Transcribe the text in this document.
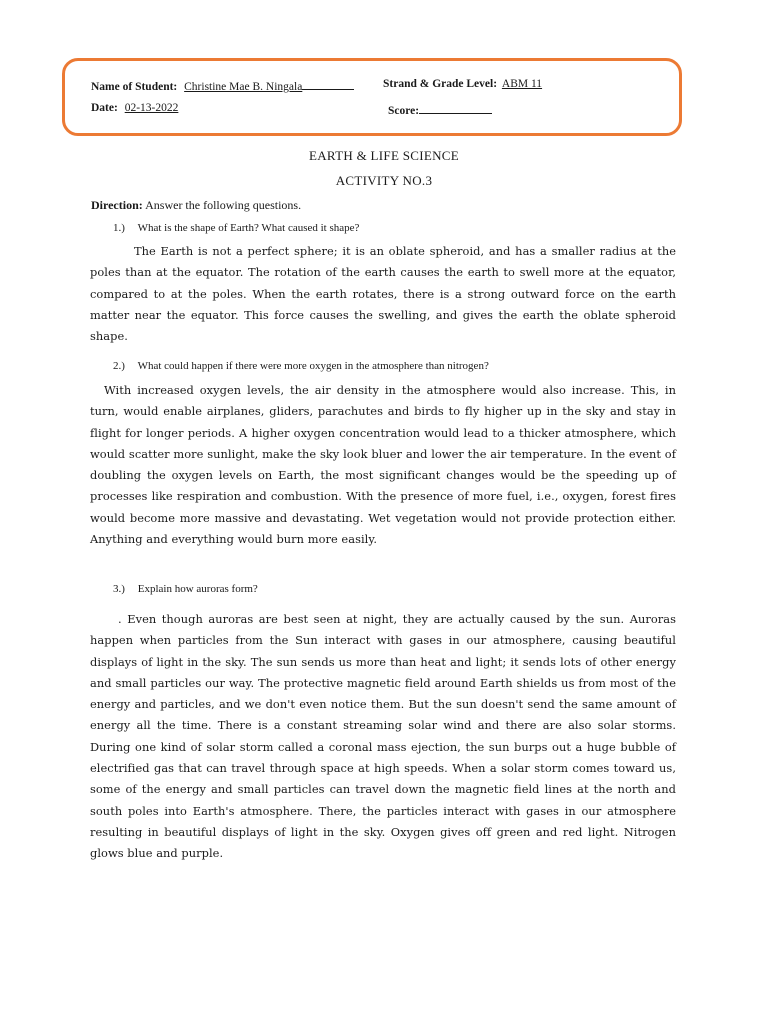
Name of Student: Christine Mae B. Ningala	Strand & Grade Level: ABM 11
Date: 02-13-2022	Score:
EARTH & LIFE SCIENCE
ACTIVITY NO.3
Direction: Answer the following questions.
1.) What is the shape of Earth? What caused it shape?
The Earth is not a perfect sphere; it is an oblate spheroid, and has a smaller radius at the poles than at the equator. The rotation of the earth causes the earth to swell more at the equator, compared to at the poles. When the earth rotates, there is a strong outward force on the earth matter near the equator. This force causes the swelling, and gives the earth the oblate spheroid shape.
2.) What could happen if there were more oxygen in the atmosphere than nitrogen?
With increased oxygen levels, the air density in the atmosphere would also increase. This, in turn, would enable airplanes, gliders, parachutes and birds to fly higher up in the sky and stay in flight for longer periods. A higher oxygen concentration would lead to a thicker atmosphere, which would scatter more sunlight, make the sky look bluer and lower the air temperature. In the event of doubling the oxygen levels on Earth, the most significant changes would be the speeding up of processes like respiration and combustion. With the presence of more fuel, i.e., oxygen, forest fires would become more massive and devastating. Wet vegetation would not provide protection either. Anything and everything would burn more easily.
3.) Explain how auroras form?
. Even though auroras are best seen at night, they are actually caused by the sun. Auroras happen when particles from the Sun interact with gases in our atmosphere, causing beautiful displays of light in the sky. The sun sends us more than heat and light; it sends lots of other energy and small particles our way. The protective magnetic field around Earth shields us from most of the energy and particles, and we don't even notice them. But the sun doesn't send the same amount of energy all the time. There is a constant streaming solar wind and there are also solar storms. During one kind of solar storm called a coronal mass ejection, the sun burps out a huge bubble of electrified gas that can travel through space at high speeds. When a solar storm comes toward us, some of the energy and small particles can travel down the magnetic field lines at the north and south poles into Earth's atmosphere. There, the particles interact with gases in our atmosphere resulting in beautiful displays of light in the sky. Oxygen gives off green and red light. Nitrogen glows blue and purple.
